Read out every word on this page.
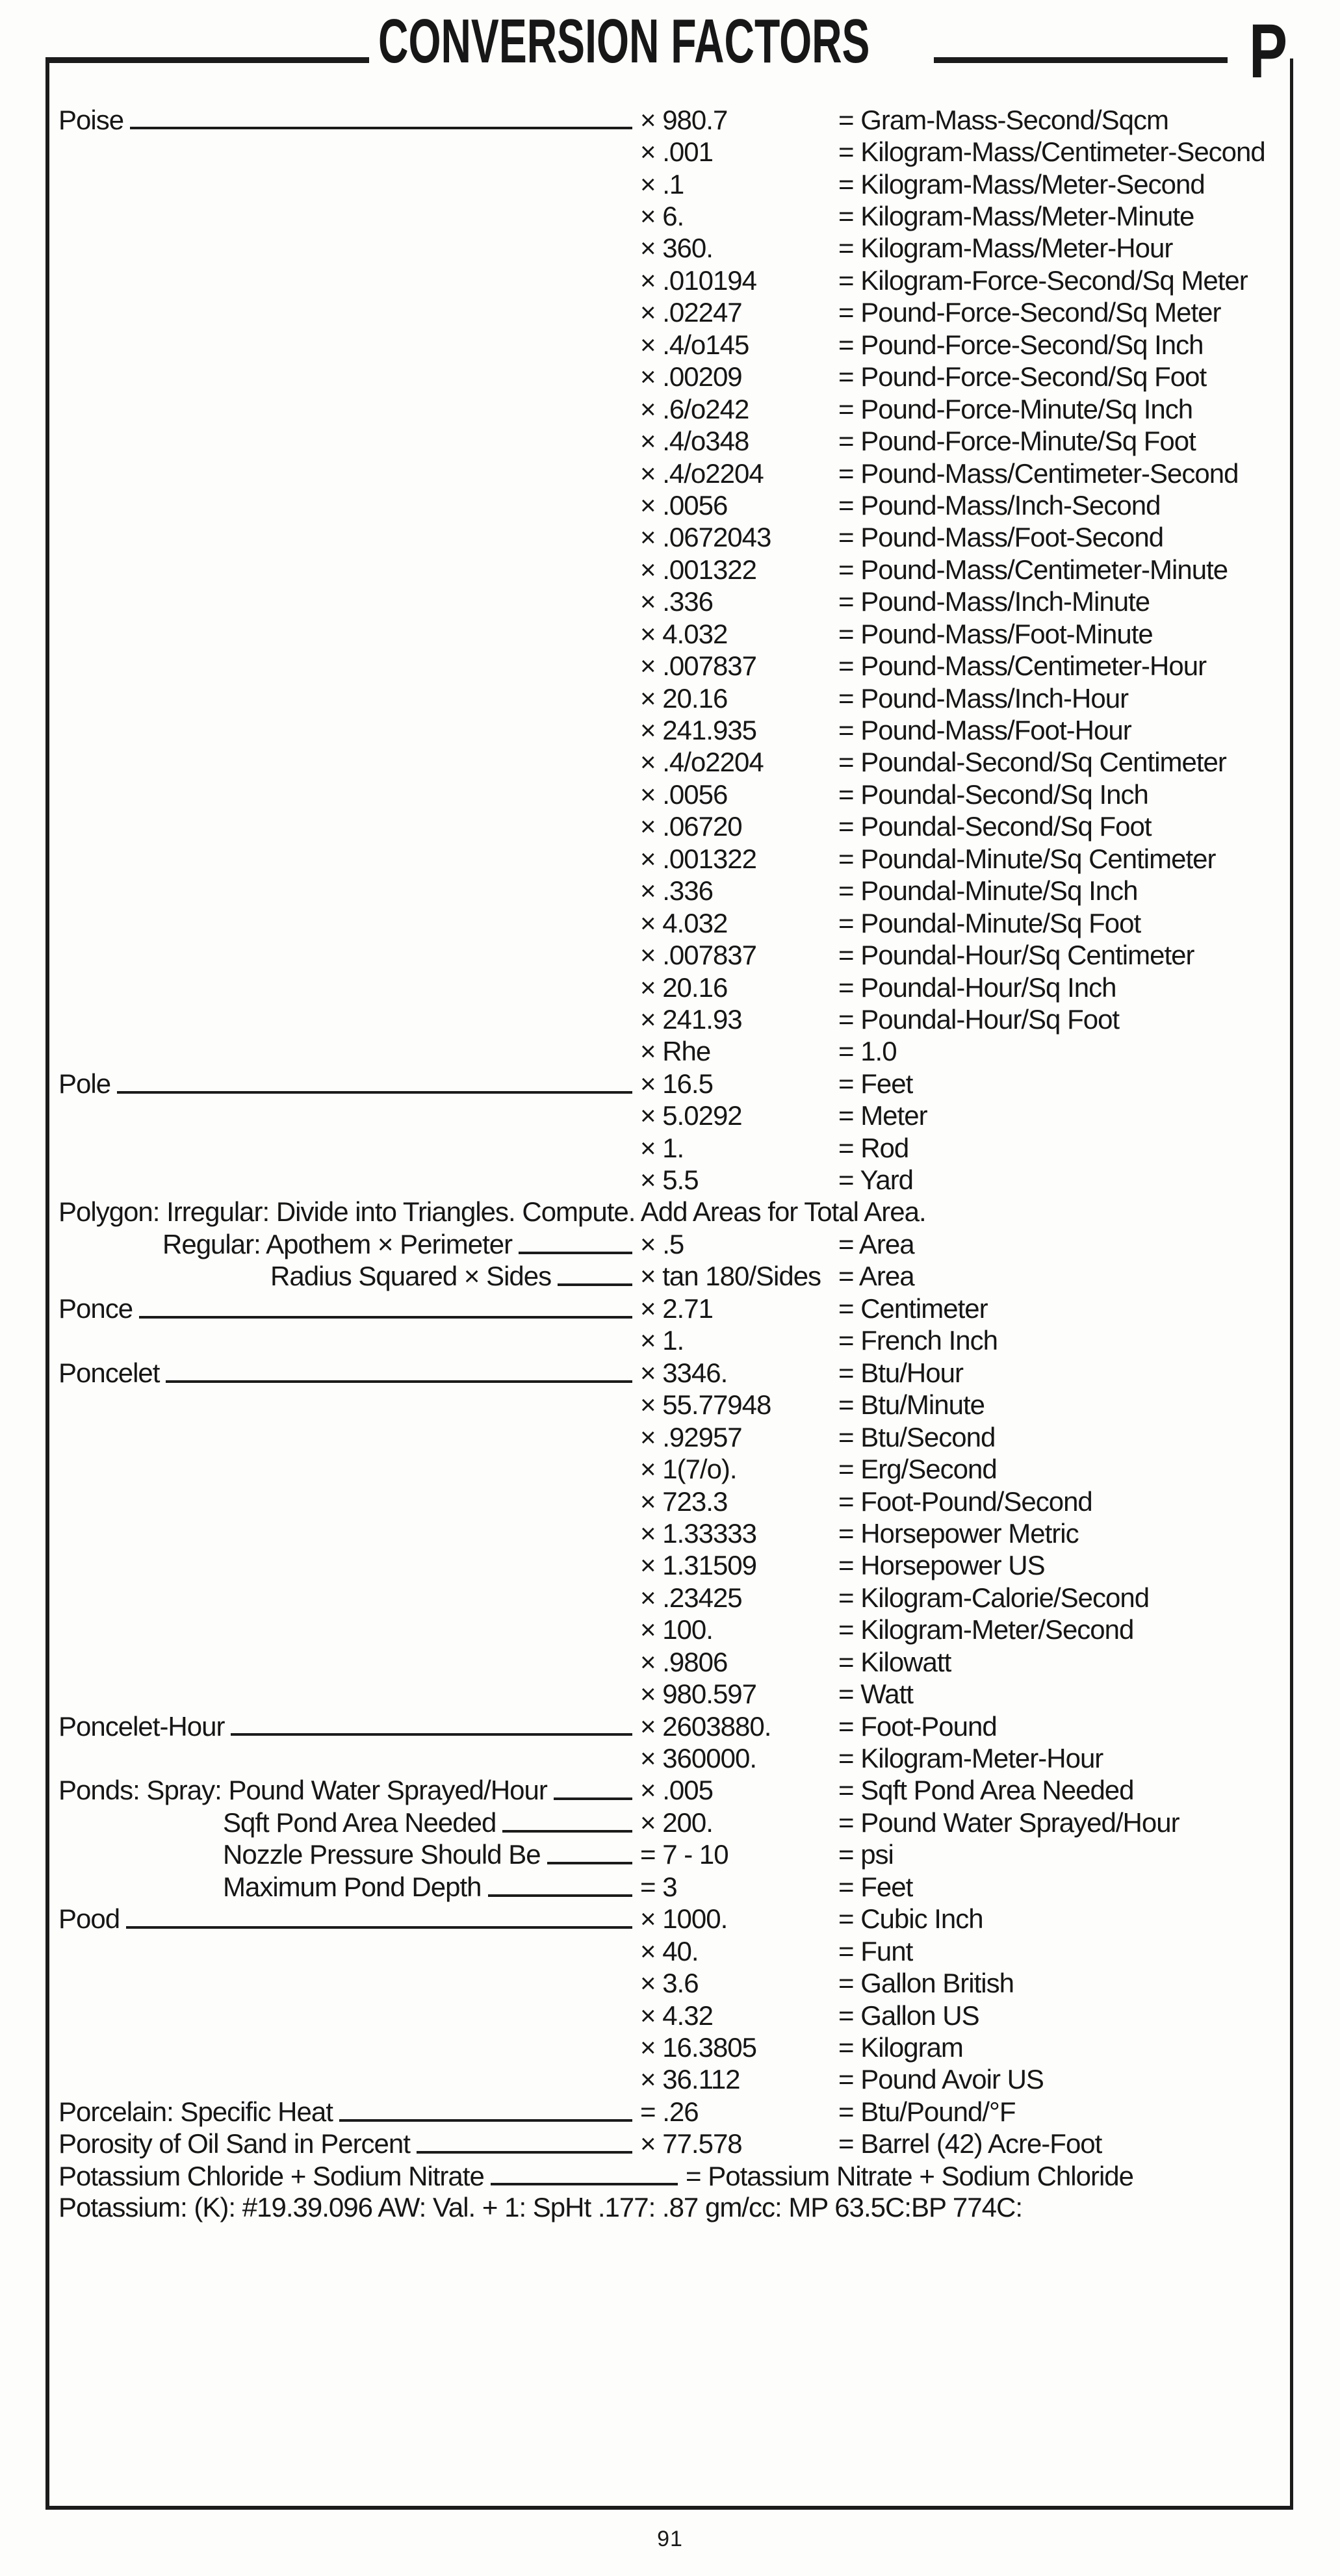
CONVERSION FACTORS	P
Poise	× 980.7	= Gram-Mass-Second/Sqcm
× .001	= Kilogram-Mass/Centimeter-Second
× .1	= Kilogram-Mass/Meter-Second
× 6.	= Kilogram-Mass/Meter-Minute
× 360.	= Kilogram-Mass/Meter-Hour
× .010194	= Kilogram-Force-Second/Sq Meter
× .02247	= Pound-Force-Second/Sq Meter
× .4/o145	= Pound-Force-Second/Sq Inch
× .00209	= Pound-Force-Second/Sq Foot
× .6/o242	= Pound-Force-Minute/Sq Inch
× .4/o348	= Pound-Force-Minute/Sq Foot
× .4/o2204	= Pound-Mass/Centimeter-Second
× .0056	= Pound-Mass/Inch-Second
× .0672043	= Pound-Mass/Foot-Second
× .001322	= Pound-Mass/Centimeter-Minute
× .336	= Pound-Mass/Inch-Minute
× 4.032	= Pound-Mass/Foot-Minute
× .007837	= Pound-Mass/Centimeter-Hour
× 20.16	= Pound-Mass/Inch-Hour
× 241.935	= Pound-Mass/Foot-Hour
× .4/o2204	= Poundal-Second/Sq Centimeter
× .0056	= Poundal-Second/Sq Inch
× .06720	= Poundal-Second/Sq Foot
× .001322	= Poundal-Minute/Sq Centimeter
× .336	= Poundal-Minute/Sq Inch
× 4.032	= Poundal-Minute/Sq Foot
× .007837	= Poundal-Hour/Sq Centimeter
× 20.16	= Poundal-Hour/Sq Inch
× 241.93	= Poundal-Hour/Sq Foot
× Rhe	= 1.0
Pole	× 16.5	= Feet
× 5.0292	= Meter
× 1.	= Rod
× 5.5	= Yard
Polygon: Irregular: Divide into Triangles. Compute. Add Areas for Total Area.
Regular: Apothem × Perimeter	× .5	= Area
Radius Squared × Sides	× tan 180/Sides = Area
Ponce	× 2.71	= Centimeter
× 1.	= French Inch
Poncelet	× 3346.	= Btu/Hour
× 55.77948	= Btu/Minute
× .92957	= Btu/Second
× 1(7/o).	= Erg/Second
× 723.3	= Foot-Pound/Second
× 1.33333	= Horsepower Metric
× 1.31509	= Horsepower US
× .23425	= Kilogram-Calorie/Second
× 100.	= Kilogram-Meter/Second
× .9806	= Kilowatt
× 980.597	= Watt
Poncelet-Hour	× 2603880.	= Foot-Pound
× 360000.	= Kilogram-Meter-Hour
Ponds: Spray: Pound Water Sprayed/Hour	× .005	= Sqft Pond Area Needed
Sqft Pond Area Needed	× 200.	= Pound Water Sprayed/Hour
Nozzle Pressure Should Be	= 7 - 10	= psi
Maximum Pond Depth	= 3	= Feet
Pood	× 1000.	= Cubic Inch
× 40.	= Funt
× 3.6	= Gallon British
× 4.32	= Gallon US
× 16.3805	= Kilogram
× 36.112	= Pound Avoir US
Porcelain: Specific Heat	= .26	= Btu/Pound/°F
Porosity of Oil Sand in Percent	× 77.578	= Barrel (42) Acre-Foot
Potassium Chloride + Sodium Nitrate	= Potassium Nitrate + Sodium Chloride
Potassium: (K): #19.39.096 AW: Val. + 1: SpHt .177: .87 gm/cc: MP 63.5C:BP 774C:
91
